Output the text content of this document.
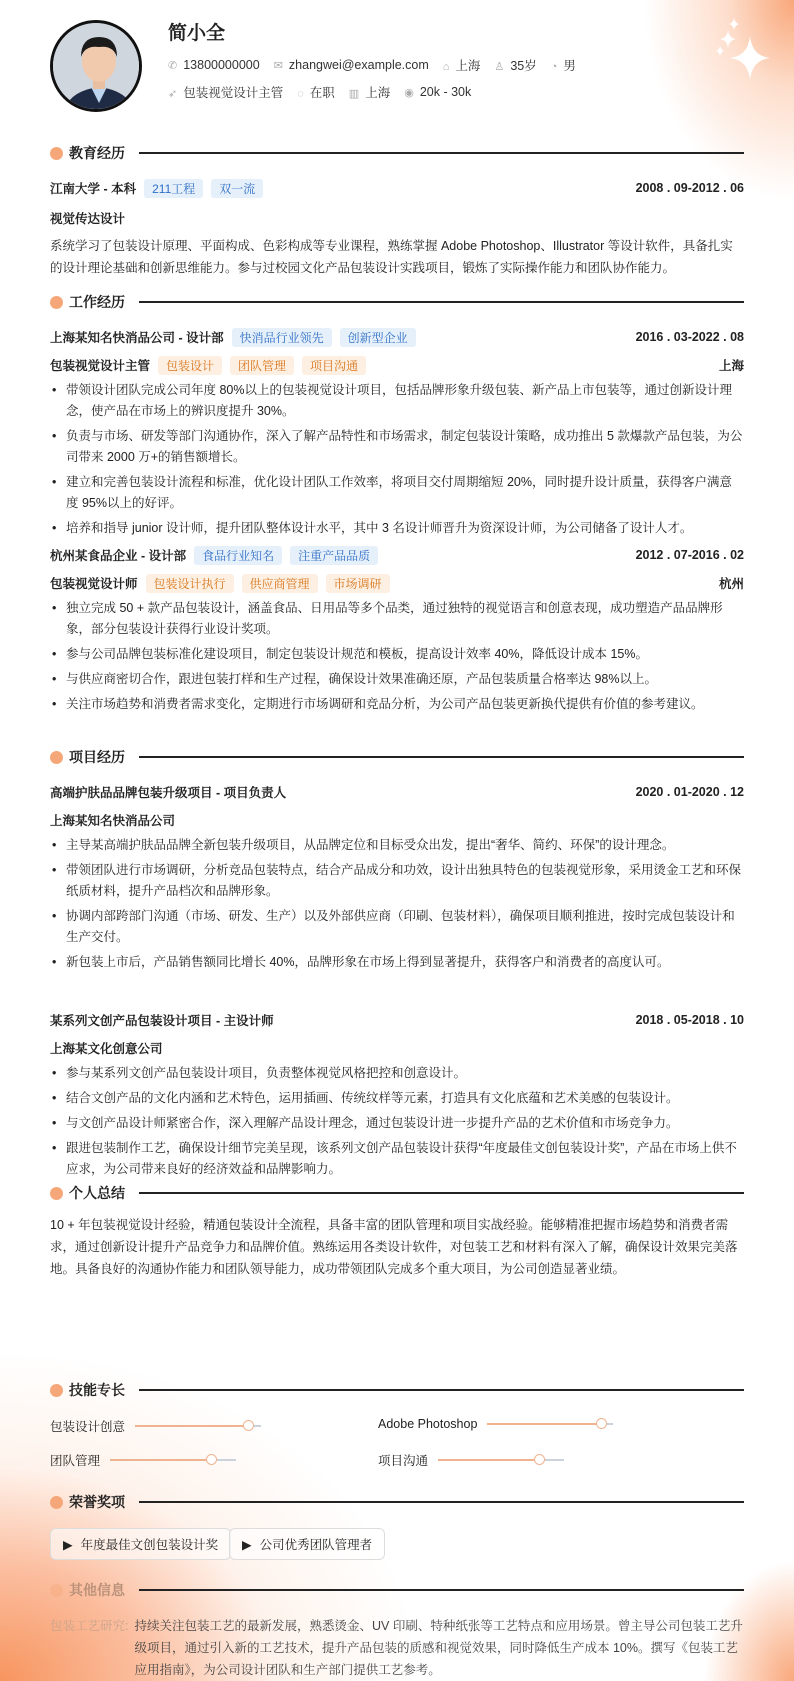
简小全
✆ 13800000000 ✉ zhangwei@example.com ⌂ 上海 ♙ 35岁 ◔ 男
➶ 包装视觉设计主管 ◌ 在职 ▥ 上海 ◉ 20k - 30k
教育经历
江南大学 - 本科	211工程	双一流	2008 . 09-2012 . 06
视觉传达设计

系统学习了包装设计原理、平面构成、色彩构成等专业课程，熟练掌握 Adobe Photoshop、Illustrator 等设计软件，具备扎实的设计理论基础和创新思维能力。参与过校园文化产品包装设计实践项目，锻炼了实际操作能力和团队协作能力。

工作经历
上海某知名快消品公司 - 设计部	快消品行业领先	创新型企业	2016 . 03-2022 . 08
包装视觉设计主管	包装设计	团队管理	项目沟通	上海
• 带领设计团队完成公司年度 80%以上的包装视觉设计项目，包括品牌形象升级包装、新产品上市包装等，通过创新设计理念，使产品在市场上的辨识度提升 30%。
• 负责与市场、研发等部门沟通协作，深入了解产品特性和市场需求，制定包装设计策略，成功推出 5 款爆款产品包装，为公司带来 2000 万+的销售额增长。
• 建立和完善包装设计流程和标准，优化设计团队工作效率，将项目交付周期缩短 20%，同时提升设计质量，获得客户满意度 95%以上的好评。
• 培养和指导 junior 设计师，提升团队整体设计水平，其中 3 名设计师晋升为资深设计师，为公司储备了设计人才。
杭州某食品企业 - 设计部	食品行业知名	注重产品品质	2012 . 07-2016 . 02
包装视觉设计师	包装设计执行	供应商管理	市场调研	杭州
• 独立完成 50 + 款产品包装设计，涵盖食品、日用品等多个品类，通过独特的视觉语言和创意表现，成功塑造产品品牌形象，部分包装设计获得行业设计奖项。
• 参与公司品牌包装标准化建设项目，制定包装设计规范和模板，提高设计效率 40%，降低设计成本 15%。
• 与供应商密切合作，跟进包装打样和生产过程，确保设计效果准确还原，产品包装质量合格率达 98%以上。
• 关注市场趋势和消费者需求变化，定期进行市场调研和竞品分析，为公司产品包装更新换代提供有价值的参考建议。
项目经历
高端护肤品品牌包装升级项目 - 项目负责人	2020 . 01-2020 . 12
上海某知名快消品公司
• 主导某高端护肤品品牌全新包装升级项目，从品牌定位和目标受众出发，提出“奢华、简约、环保”的设计理念。
• 带领团队进行市场调研，分析竞品包装特点，结合产品成分和功效，设计出独具特色的包装视觉形象，采用烫金工艺和环保纸质材料，提升产品档次和品牌形象。
• 协调内部跨部门沟通（市场、研发、生产）以及外部供应商（印刷、包装材料），确保项目顺利推进，按时完成包装设计和生产交付。
• 新包装上市后，产品销售额同比增长 40%，品牌形象在市场上得到显著提升，获得客户和消费者的高度认可。
某系列文创产品包装设计项目 - 主设计师	2018 . 05-2018 . 10
上海某文化创意公司
• 参与某系列文创产品包装设计项目，负责整体视觉风格把控和创意设计。
• 结合文创产品的文化内涵和艺术特色，运用插画、传统纹样等元素，打造具有文化底蕴和艺术美感的包装设计。
• 与文创产品设计师紧密合作，深入理解产品设计理念，通过包装设计进一步提升产品的艺术价值和市场竞争力。
• 跟进包装制作工艺，确保设计细节完美呈现，该系列文创产品包装设计获得“年度最佳文创包装设计奖”，产品在市场上供不应求，为公司带来良好的经济效益和品牌影响力。
个人总结

10 + 年包装视觉设计经验，精通包装设计全流程，具备丰富的团队管理和项目实战经验。能够精准把握市场趋势和消费者需求，通过创新设计提升产品竞争力和品牌价值。熟练运用各类设计软件，对包装工艺和材料有深入了解，确保设计效果完美落地。具备良好的沟通协作能力和团队领导能力，成功带领团队完成多个重大项目，为公司创造显著业绩。

技能专长
包装设计创意	Adobe Photoshop
团队管理	项目沟通
荣誉奖项
▶ 年度最佳文创包装设计奖 ▶ 公司优秀团队管理者
其他信息
包装工艺研究: 持续关注包装工艺的最新发展，熟悉烫金、UV 印刷、特种纸张等工艺特点和应用场景。曾主导公司包装工艺升级项目，通过引入新的工艺技术，提升产品包装的质感和视觉效果，同时降低生产成本 10%。撰写《包装工艺应用指南》，为公司设计团队和生产部门提供工艺参考。
